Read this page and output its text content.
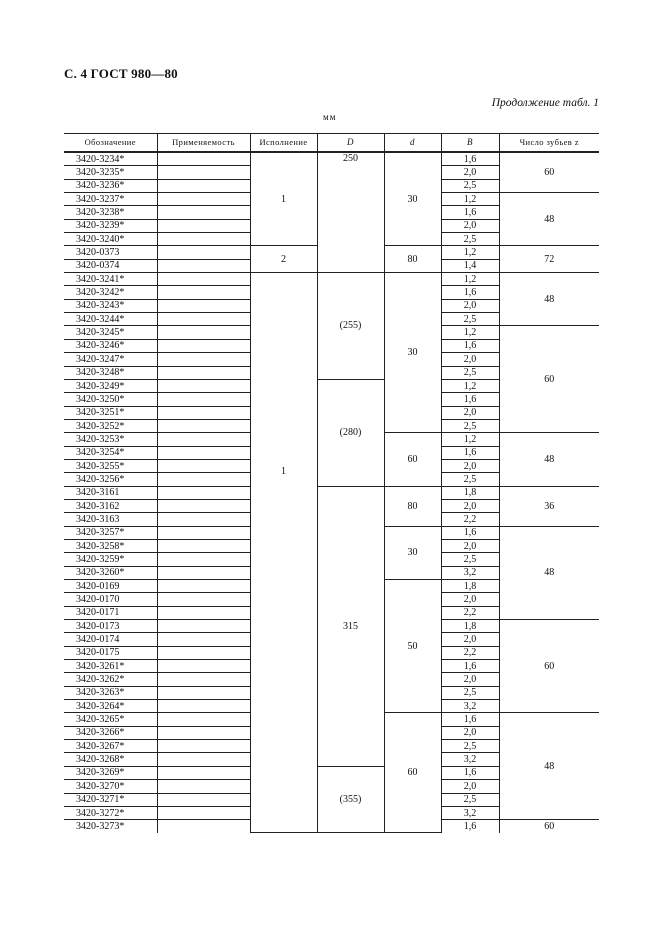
С. 4 ГОСТ 980—80
Продолжение табл. 1
мм
Обозначение	Применяемость	Исполнение	D	d	B	Число зубьев z
3420-3234*		1	250	30	1,6	60
3420-3235*					2,0	
3420-3236*					2,5	
3420-3237*					1,2	48
3420-3238*					1,6	
3420-3239*					2,0	
3420-3240*					2,5	
3420-0373		2		80	1,2	72
3420-0374					1,4	
3420-3241*		1	(255)	30	1,2	48
3420-3242*					1,6	
3420-3243*					2,0	
3420-3244*					2,5	
3420-3245*					1,2	60
3420-3246*					1,6	
3420-3247*					2,0	
3420-3248*					2,5	
3420-3249*			(280)		1,2	
3420-3250*					1,6	
3420-3251*					2,0	
3420-3252*					2,5	
3420-3253*				60	1,2	48
3420-3254*					1,6	
3420-3255*					2,0	
3420-3256*					2,5	
3420-3161			315	80	1,8	36
3420-3162					2,0	
3420-3163					2,2	
3420-3257*				30	1,6	48
3420-3258*					2,0	
3420-3259*					2,5	
3420-3260*					3,2	
3420-0169				50	1,8	
3420-0170					2,0	
3420-0171					2,2	
3420-0173					1,8	60
3420-0174					2,0	
3420-0175					2,2	
3420-3261*					1,6	
3420-3262*					2,0	
3420-3263*					2,5	
3420-3264*					3,2	
3420-3265*				60	1,6	48
3420-3266*					2,0	
3420-3267*					2,5	
3420-3268*					3,2	
3420-3269*			(355)		1,6	
3420-3270*					2,0	
3420-3271*					2,5	
3420-3272*					3,2	
3420-3273*					1,6	60
